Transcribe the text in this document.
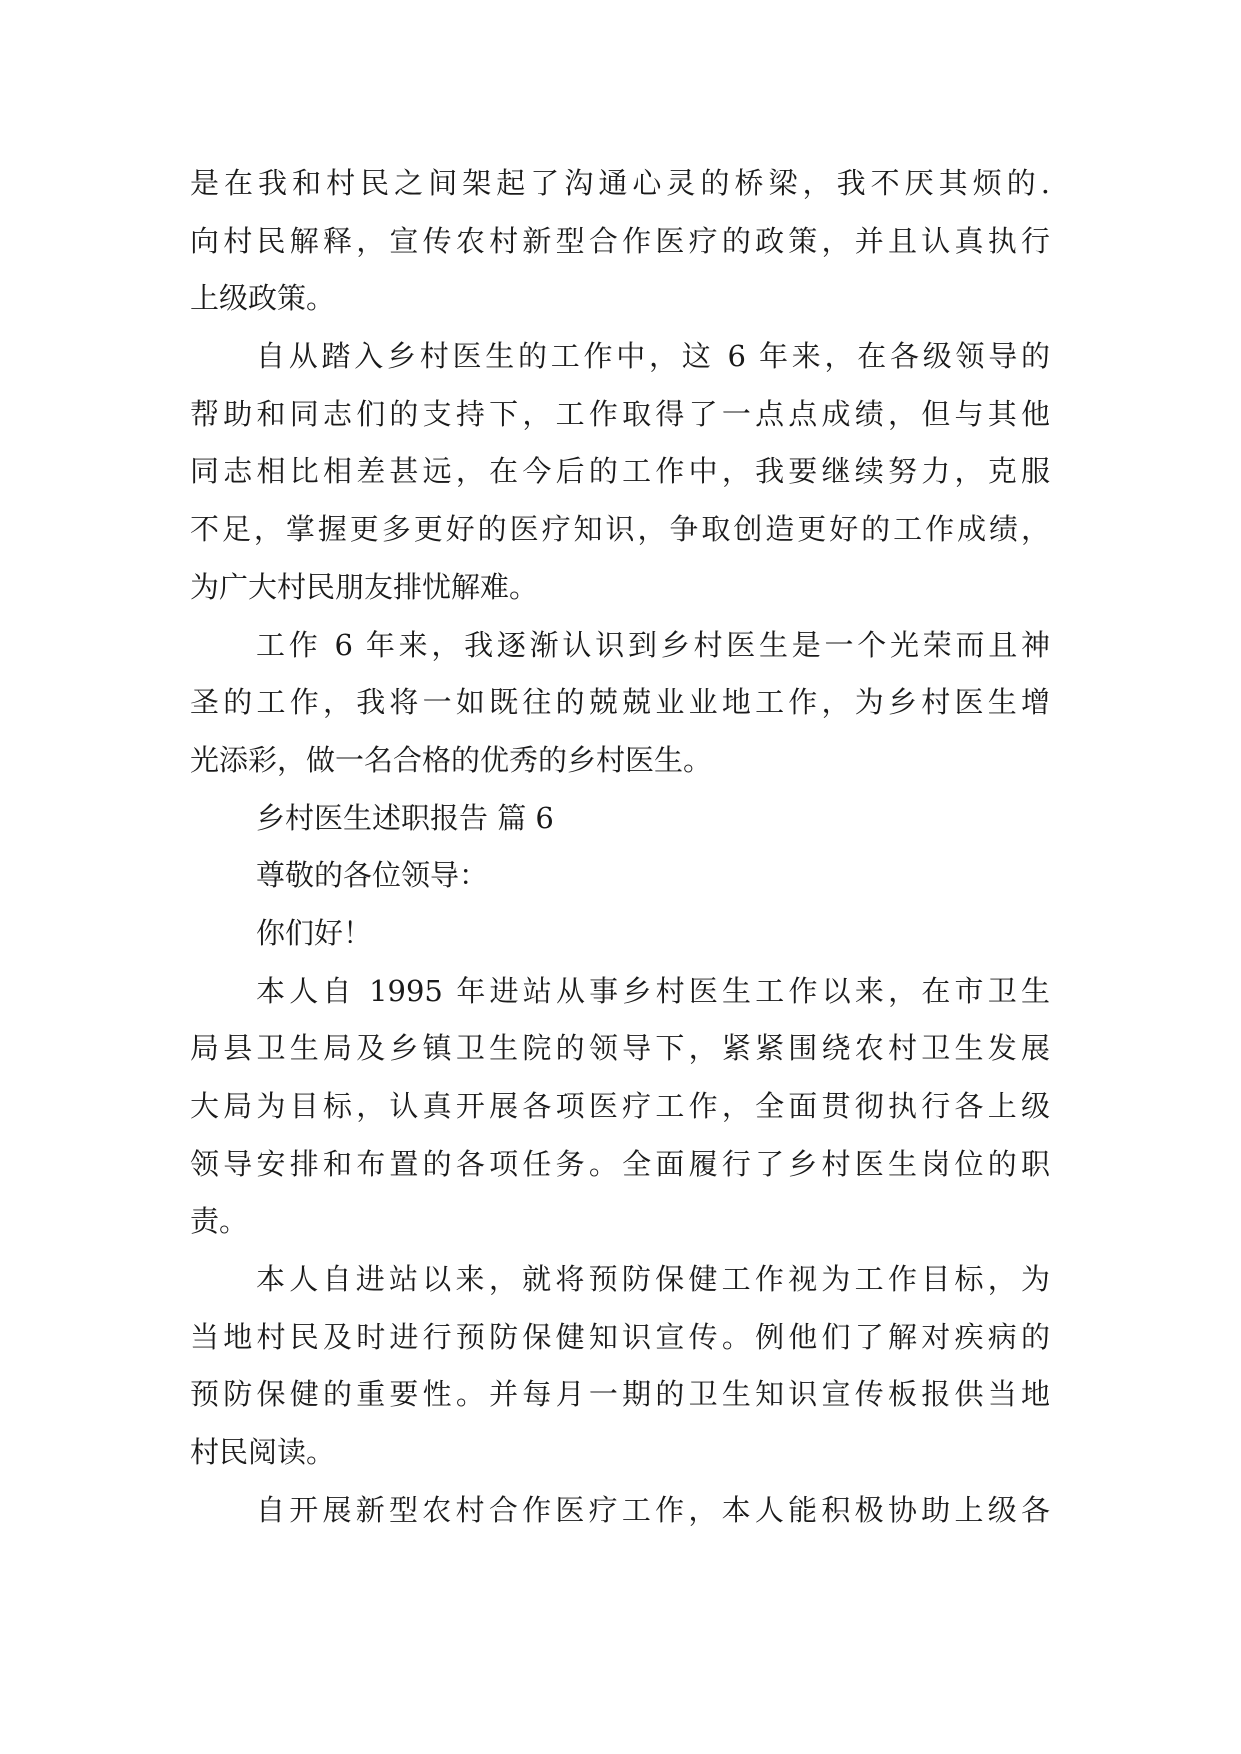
是在我和村民之间架起了沟通心灵的桥梁，我不厌其烦的.
向村民解释，宣传农村新型合作医疗的政策，并且认真执行
上级政策。
自从踏入乡村医生的工作中，这 6 年来，在各级领导的
帮助和同志们的支持下，工作取得了一点点成绩，但与其他
同志相比相差甚远，在今后的工作中，我要继续努力，克服
不足，掌握更多更好的医疗知识，争取创造更好的工作成绩，
为广大村民朋友排忧解难。
工作 6 年来，我逐渐认识到乡村医生是一个光荣而且神
圣的工作，我将一如既往的兢兢业业地工作，为乡村医生增
光添彩，做一名合格的优秀的乡村医生。
乡村医生述职报告 篇 6
尊敬的各位领导：
你们好！
本人自 1995 年进站从事乡村医生工作以来，在市卫生
局县卫生局及乡镇卫生院的领导下，紧紧围绕农村卫生发展
大局为目标，认真开展各项医疗工作，全面贯彻执行各上级
领导安排和布置的各项任务。全面履行了乡村医生岗位的职
责。
本人自进站以来，就将预防保健工作视为工作目标，为
当地村民及时进行预防保健知识宣传。例他们了解对疾病的
预防保健的重要性。并每月一期的卫生知识宣传板报供当地
村民阅读。
自开展新型农村合作医疗工作，本人能积极协助上级各
